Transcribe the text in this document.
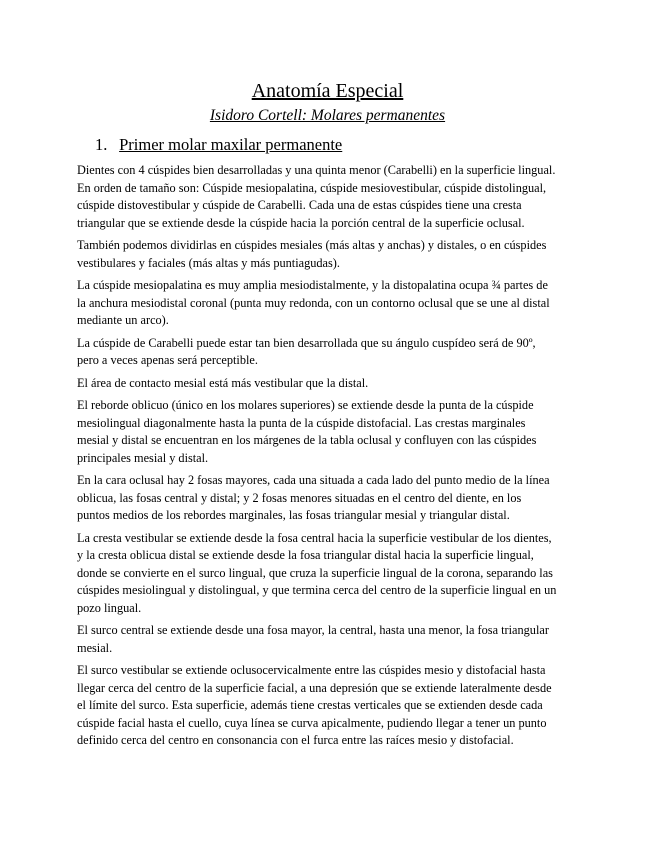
Anatomía Especial
Isidoro Cortell: Molares permanentes
1. Primer molar maxilar permanente

Dientes con 4 cúspides bien desarrolladas y una quinta menor (Carabelli) en la superficie lingual. En orden de tamaño son: Cúspide mesiopalatina, cúspide mesiovestibular, cúspide distolingual, cúspide distovestibular y cúspide de Carabelli. Cada una de estas cúspides tiene una cresta triangular que se extiende desde la cúspide hacia la porción central de la superficie oclusal.

También podemos dividirlas en cúspides mesiales (más altas y anchas) y distales, o en cúspides vestibulares y faciales (más altas y más puntiagudas).

La cúspide mesiopalatina es muy amplia mesiodistalmente, y la distopalatina ocupa ¾ partes de la anchura mesiodistal coronal (punta muy redonda, con un contorno oclusal que se une al distal mediante un arco).

La cúspide de Carabelli puede estar tan bien desarrollada que su ángulo cuspídeo será de 90º, pero a veces apenas será perceptible.

El área de contacto mesial está más vestibular que la distal.

El reborde oblicuo (único en los molares superiores) se extiende desde la punta de la cúspide mesiolingual diagonalmente hasta la punta de la cúspide distofacial. Las crestas marginales mesial y distal se encuentran en los márgenes de la tabla oclusal y confluyen con las cúspides principales mesial y distal.

En la cara oclusal hay 2 fosas mayores, cada una situada a cada lado del punto medio de la línea oblicua, las fosas central y distal; y 2 fosas menores situadas en el centro del diente, en los puntos medios de los rebordes marginales, las fosas triangular mesial y triangular distal.

La cresta vestibular se extiende desde la fosa central hacia la superficie vestibular de los dientes, y la cresta oblicua distal se extiende desde la fosa triangular distal hacia la superficie lingual, donde se convierte en el surco lingual, que cruza la superficie lingual de la corona, separando las cúspides mesiolingual y distolingual, y que termina cerca del centro de la superficie lingual en un pozo lingual.

El surco central se extiende desde una fosa mayor, la central, hasta una menor, la fosa triangular mesial.

El surco vestibular se extiende oclusocervicalmente entre las cúspides mesio y distofacial hasta llegar cerca del centro de la superficie facial, a una depresión que se extiende lateralmente desde el límite del surco. Esta superficie, además tiene crestas verticales que se extienden desde cada cúspide facial hasta el cuello, cuya línea se curva apicalmente, pudiendo llegar a tener un punto definido cerca del centro en consonancia con el furca entre las raíces mesio y distofacial.
